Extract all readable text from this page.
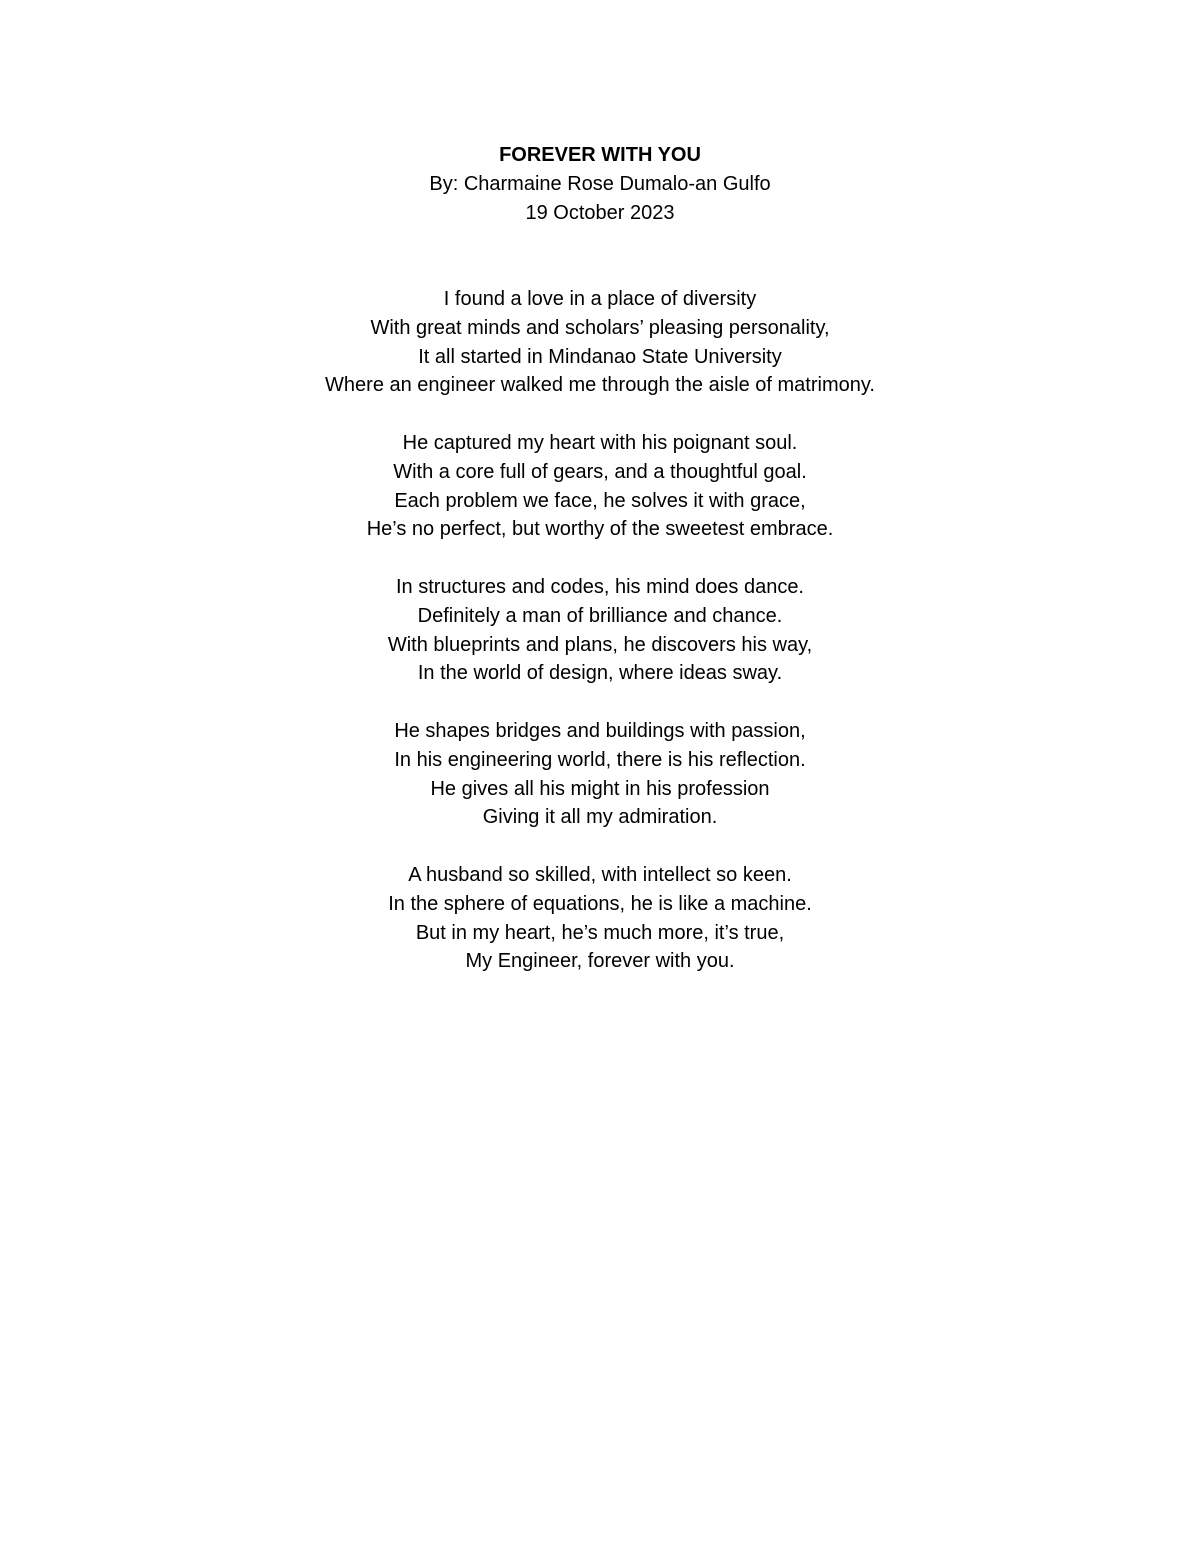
FOREVER WITH YOU
By: Charmaine Rose Dumalo-an Gulfo
19 October 2023
I found a love in a place of diversity
With great minds and scholars’ pleasing personality,
It all started in Mindanao State University
Where an engineer walked me through the aisle of matrimony.
He captured my heart with his poignant soul.
With a core full of gears, and a thoughtful goal.
Each problem we face, he solves it with grace,
He’s no perfect, but worthy of the sweetest embrace.
In structures and codes, his mind does dance.
Definitely a man of brilliance and chance.
With blueprints and plans, he discovers his way,
In the world of design, where ideas sway.
He shapes bridges and buildings with passion,
In his engineering world, there is his reflection.
He gives all his might in his profession
Giving it all my admiration.
A husband so skilled, with intellect so keen.
In the sphere of equations, he is like a machine.
But in my heart, he’s much more, it’s true,
My Engineer, forever with you.
